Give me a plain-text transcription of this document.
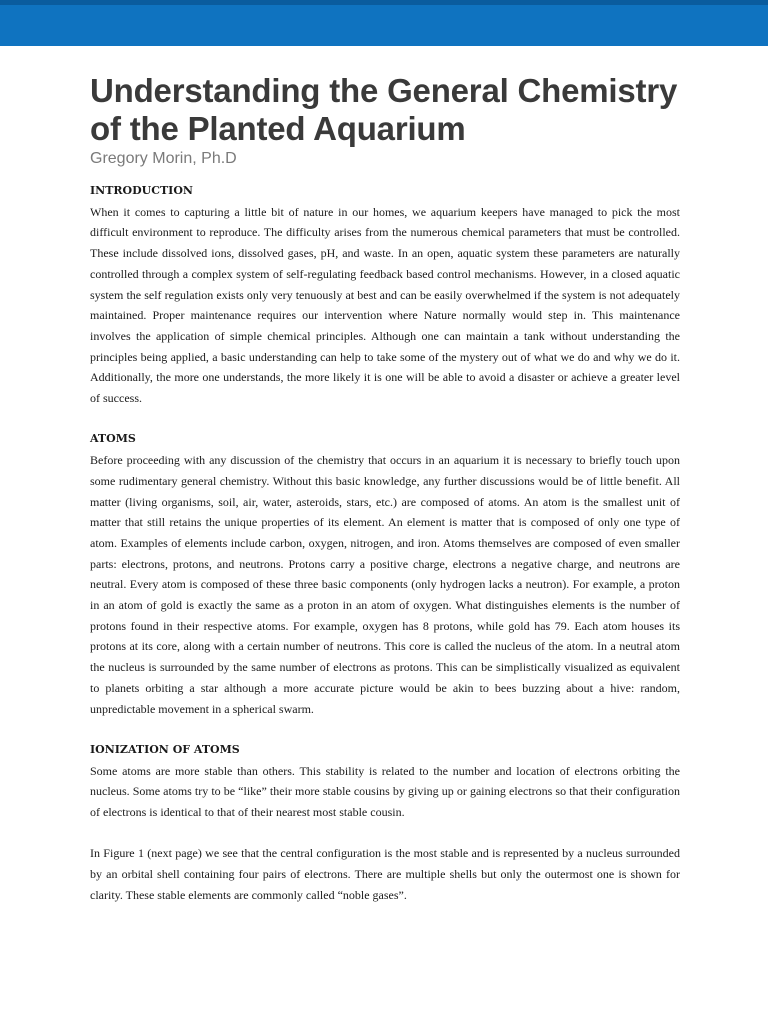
Understanding the General Chemistry of the Planted Aquarium
Gregory Morin, Ph.D
INTRODUCTION

When it comes to capturing a little bit of nature in our homes, we aquarium keepers have managed to pick the most difficult environment to reproduce. The difficulty arises from the numerous chemical parameters that must be controlled. These include dissolved ions, dissolved gases, pH, and waste. In an open, aquatic system these parameters are naturally controlled through a complex system of self-regulating feedback based control mechanisms. However, in a closed aquatic system the self regulation exists only very tenuously at best and can be easily overwhelmed if the system is not adequately maintained. Proper maintenance requires our intervention where Nature normally would step in. This maintenance involves the application of simple chemical principles. Although one can maintain a tank without understanding the principles being applied, a basic understanding can help to take some of the mystery out of what we do and why we do it. Additionally, the more one understands, the more likely it is one will be able to avoid a disaster or achieve a greater level of success.

ATOMS

Before proceeding with any discussion of the chemistry that occurs in an aquarium it is necessary to briefly touch upon some rudimentary general chemistry. Without this basic knowledge, any further discussions would be of little benefit. All matter (living organisms, soil, air, water, asteroids, stars, etc.) are composed of atoms. An atom is the smallest unit of matter that still retains the unique properties of its element. An element is matter that is composed of only one type of atom. Examples of elements include carbon, oxygen, nitrogen, and iron. Atoms themselves are composed of even smaller parts: electrons, protons, and neutrons. Protons carry a positive charge, electrons a negative charge, and neutrons are neutral. Every atom is composed of these three basic components (only hydrogen lacks a neutron). For example, a proton in an atom of gold is exactly the same as a proton in an atom of oxygen. What distinguishes elements is the number of protons found in their respective atoms. For example, oxygen has 8 protons, while gold has 79. Each atom houses its protons at its core, along with a certain number of neutrons. This core is called the nucleus of the atom. In a neutral atom the nucleus is surrounded by the same number of electrons as protons. This can be simplistically visualized as equivalent to planets orbiting a star although a more accurate picture would be akin to bees buzzing about a hive: random, unpredictable movement in a spherical swarm.

IONIZATION OF ATOMS

Some atoms are more stable than others. This stability is related to the number and location of electrons orbiting the nucleus. Some atoms try to be “like” their more stable cousins by giving up or gaining electrons so that their configuration of electrons is identical to that of their nearest most stable cousin.

In Figure 1 (next page) we see that the central configuration is the most stable and is represented by a nucleus surrounded by an orbital shell containing four pairs of electrons. There are multiple shells but only the outermost one is shown for clarity. These stable elements are commonly called “noble gases”.
